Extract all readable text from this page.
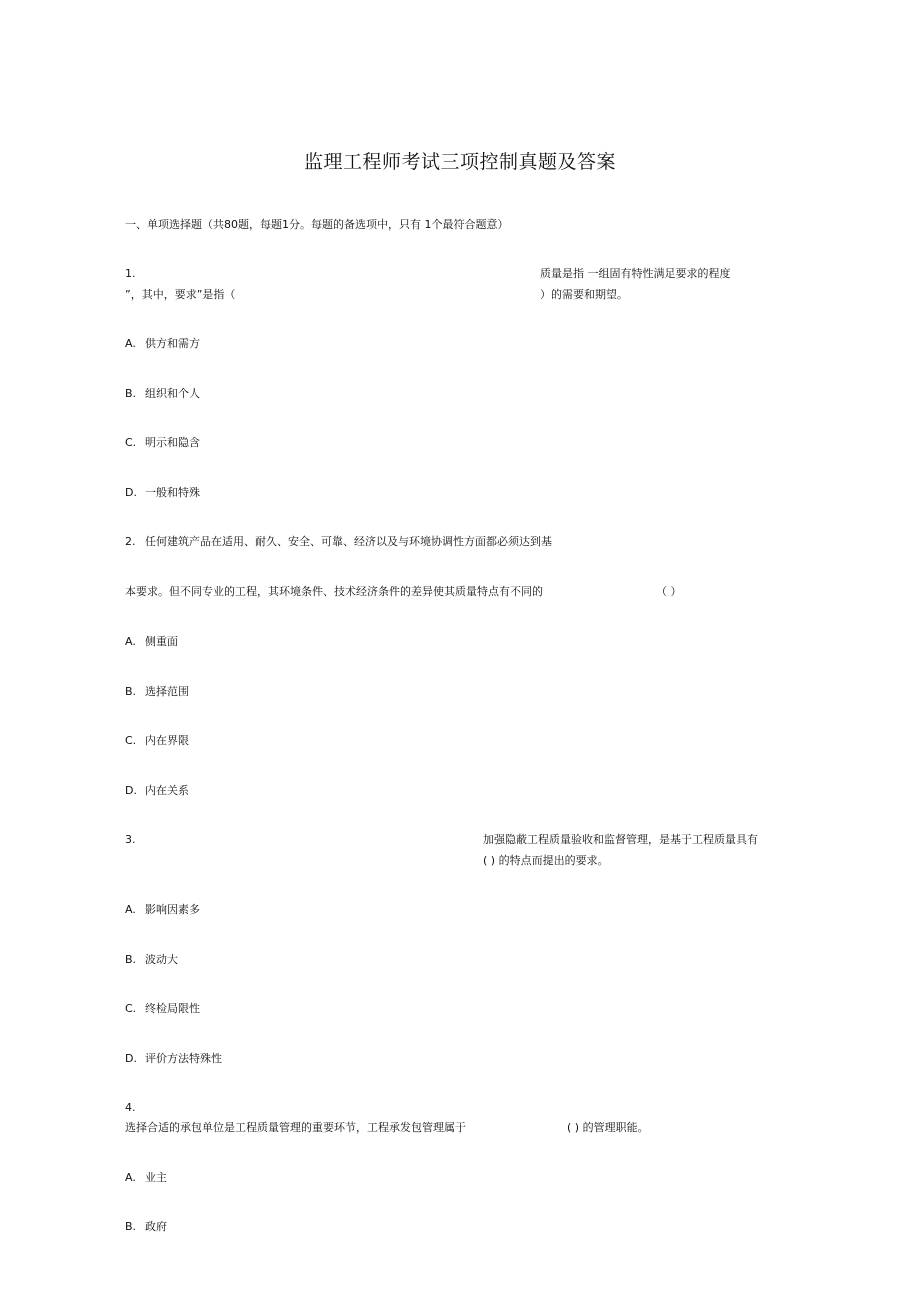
监理工程师考试三项控制真题及答案
一、单项选择题（共80题，每题1分。每题的备选项中，只有 1个最符合题意）
1.	质量是指 一组固有特性满足要求的程度
”，其中，要求”是指（	）的需要和期望。
A. 供方和需方
B. 组织和个人
C. 明示和隐含
D. 一般和特殊
2. 任何建筑产品在适用、耐久、安全、可靠、经济以及与环境协调性方面都必须达到基
本要求。但不同专业的工程，其环境条件、技术经济条件的差异使其质量特点有不同的	（ ）
A. 侧重面
B. 选择范围
C. 内在界限
D. 内在关系
3.	加强隐蔽工程质量验收和监督管理，是基于工程质量具有
( ) 的特点而提出的要求。
A. 影响因素多
B. 波动大
C. 终检局限性
D. 评价方法特殊性
4.
选择合适的承包单位是工程质量管理的重要环节，工程承发包管理属于	( ) 的管理职能。
A. 业主
B. 政府
